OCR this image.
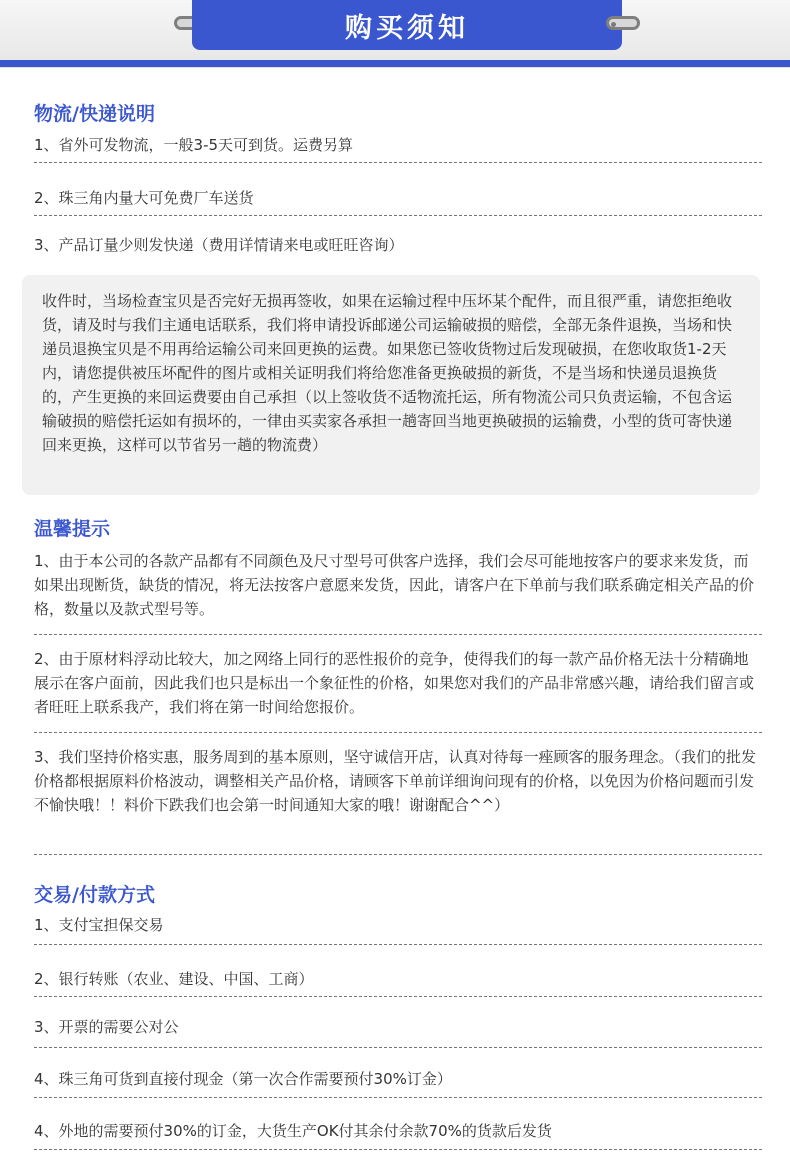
购买须知
物流/快递说明
1、省外可发物流，一般3-5天可到货。运费另算
2、珠三角内量大可免费厂车送货
3、产品订量少则发快递（费用详情请来电或旺旺咨询）
收件时，当场检查宝贝是否完好无损再签收，如果在运输过程中压坏某个配件，而且很严重，请您拒绝收货，请及时与我们主通电话联系，我们将申请投诉邮递公司运输破损的赔偿，全部无条件退换，当场和快递员退换宝贝是不用再给运输公司来回更换的运费。如果您已签收货物过后发现破损，在您收取货1-2天内，请您提供被压坏配件的图片或相关证明我们将给您准备更换破损的新货，不是当场和快递员退换货的，产生更换的来回运费要由自己承担（以上签收货不适物流托运，所有物流公司只负责运输，不包含运输破损的赔偿托运如有损坏的，一律由买卖家各承担一趟寄回当地更换破损的运输费，小型的货可寄快递回来更换，这样可以节省另一趟的物流费）
温馨提示
1、由于本公司的各款产品都有不同颜色及尺寸型号可供客户选择，我们会尽可能地按客户的要求来发货，而如果出现断货，缺货的情况，将无法按客户意愿来发货，因此，请客户在下单前与我们联系确定相关产品的价格，数量以及款式型号等。
2、由于原材料浮动比较大，加之网络上同行的恶性报价的竞争，使得我们的每一款产品价格无法十分精确地展示在客户面前，因此我们也只是标出一个象征性的价格，如果您对我们的产品非常感兴趣，请给我们留言或者旺旺上联系我产，我们将在第一时间给您报价。
3、我们坚持价格实惠，服务周到的基本原则，坚守诚信开店，认真对待每一痤顾客的服务理念。（我们的批发价格都根据原料价格波动，调整相关产品价格，请顾客下单前详细询问现有的价格，以免因为价格问题而引发不愉快哦！！料价下跌我们也会第一时间通知大家的哦！谢谢配合^^）
交易/付款方式
1、支付宝担保交易
2、银行转账（农业、建设、中国、工商）
3、开票的需要公对公
4、珠三角可货到直接付现金（第一次合作需要预付30%订金）
4、外地的需要预付30%的订金，大货生产OK付其余付余款70%的货款后发货
